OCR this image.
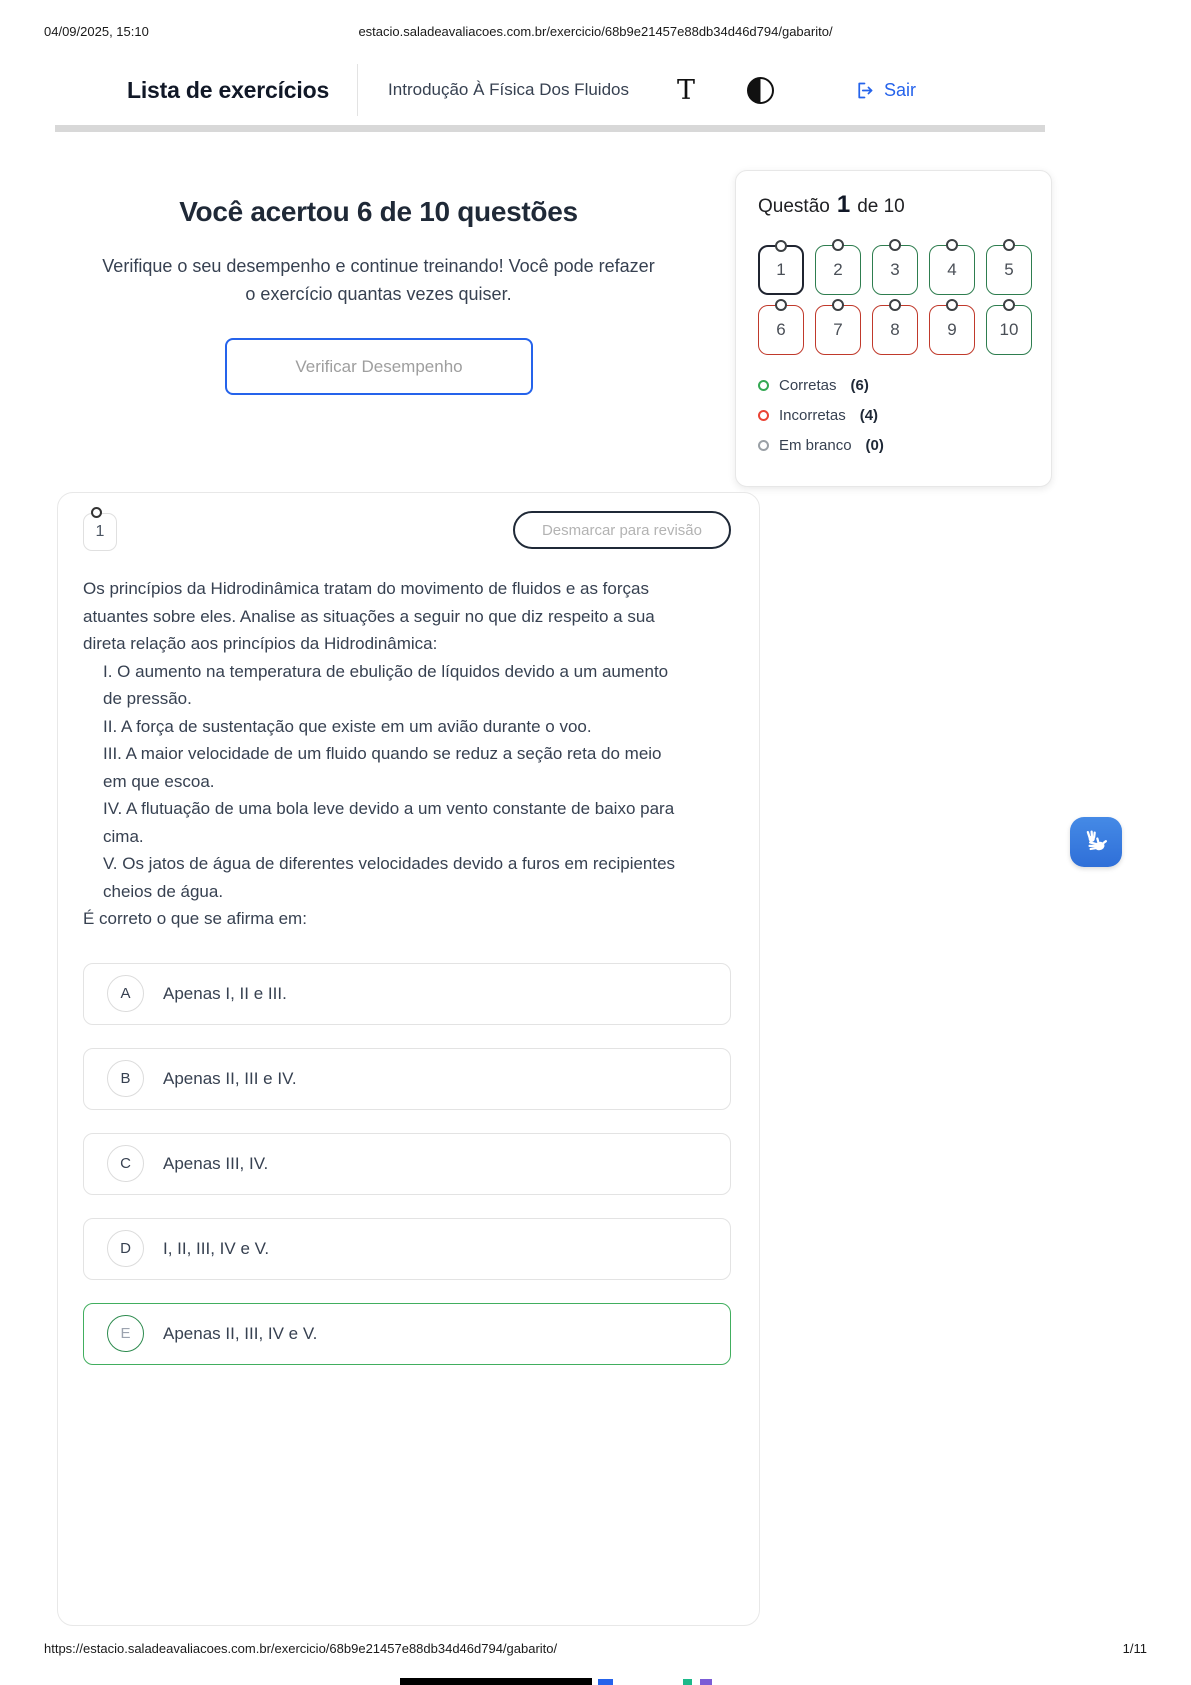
04/09/2025, 15:10	estacio.saladeavaliacoes.com.br/exercicio/68b9e21457e88db34d46d794/gabarito/
Lista de exercícios	Introdução À Física Dos Fluidos T	Sair
Você acertou 6 de 10 questões
Verifique o seu desempenho e continue treinando! Você pode refazer o exercício quantas vezes quiser.
Verificar Desempenho
Questão 1 de 10
1	2	3	4	5
6	7	8	9	10
Corretas (6)
Incorretas (4)
Em branco (0)
1	Desmarcar para revisão
Os princípios da Hidrodinâmica tratam do movimento de fluidos e as forças atuantes sobre eles. Analise as situações a seguir no que diz respeito a sua direta relação aos princípios da Hidrodinâmica:
I. O aumento na temperatura de ebulição de líquidos devido a um aumento de pressão.
II. A força de sustentação que existe em um avião durante o voo.
III. A maior velocidade de um fluido quando se reduz a seção reta do meio em que escoa.
IV. A flutuação de uma bola leve devido a um vento constante de baixo para cima.
V. Os jatos de água de diferentes velocidades devido a furos em recipientes cheios de água.
É correto o que se afirma em:
A	Apenas I, II e III.
B	Apenas II, III e IV.
C	Apenas III, IV.
D	I, II, III, IV e V.
E	Apenas II, III, IV e V.
https://estacio.saladeavaliacoes.com.br/exercicio/68b9e21457e88db34d46d794/gabarito/	1/11
